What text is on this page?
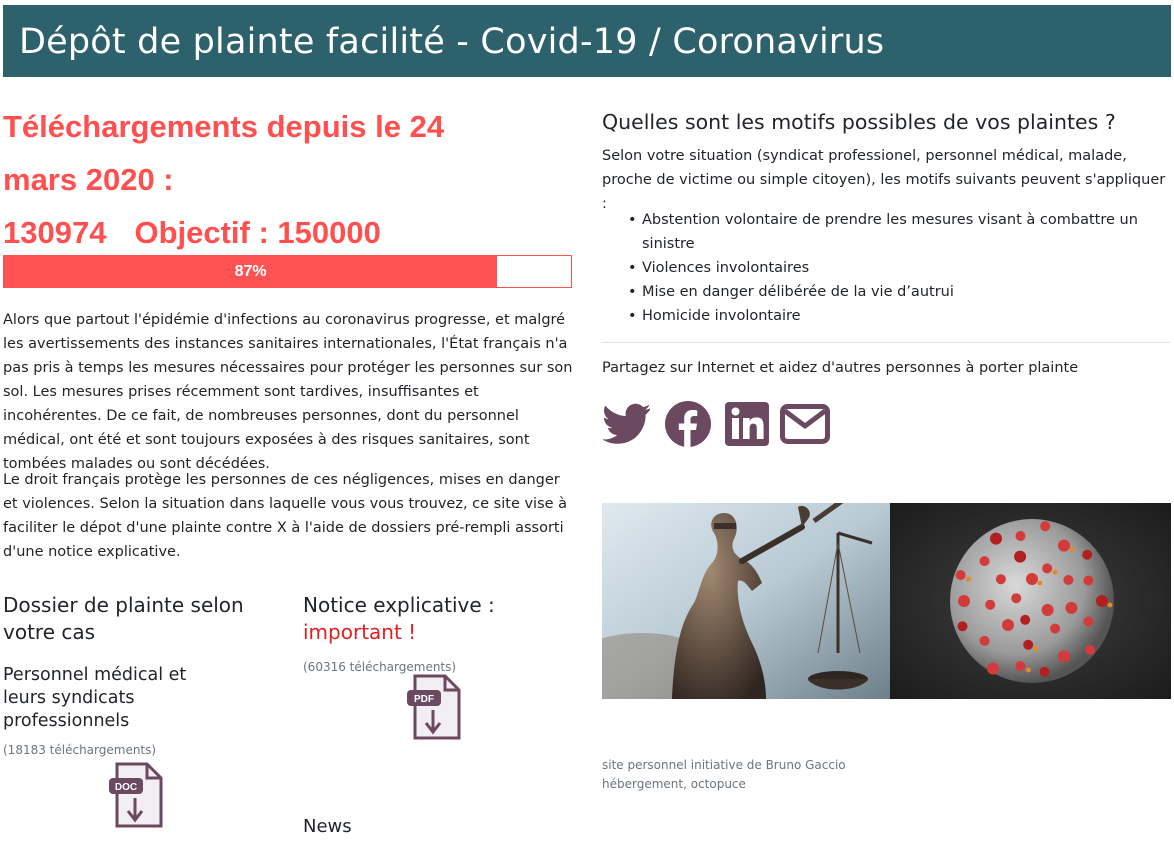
Dépôt de plainte facilité - Covid-19 / Coronavirus
Téléchargements depuis le 24
mars 2020 :
130974 Objectif : 150000
87%

Alors que partout l'épidémie d'infections au coronavirus progresse, et malgré les avertissements des instances sanitaires internationales, l'État français n'a pas pris à temps les mesures nécessaires pour protéger les personnes sur son sol. Les mesures prises récemment sont tardives, insuffisantes et incohérentes. De ce fait, de nombreuses personnes, dont du personnel médical, ont été et sont toujours exposées à des risques sanitaires, sont tombées malades ou sont décédées.

Le droit français protège les personnes de ces négligences, mises en danger et violences. Selon la situation dans laquelle vous vous trouvez, ce site vise à faciliter le dépot d'une plainte contre X à l'aide de dossiers pré-rempli assorti d'une notice explicative.

Dossier de plainte selon votre cas
Personnel médical et leurs syndicats professionnels
(18183 téléchargements)
DOC
Notice explicative :
important !
(60316 téléchargements)
PDF
News
Quelles sont les motifs possibles de vos plaintes ?

Selon votre situation (syndicat professionel, personnel médical, malade, proche de victime ou simple citoyen), les motifs suivants peuvent s'appliquer :

• Abstention volontaire de prendre les mesures visant à combattre un sinistre
• Violences involontaires
• Mise en danger délibérée de la vie d’autrui
• Homicide involontaire
Partagez sur Internet et aidez d'autres personnes à porter plainte
site personnel initiative de Bruno Gaccio
hébergement, octopuce
